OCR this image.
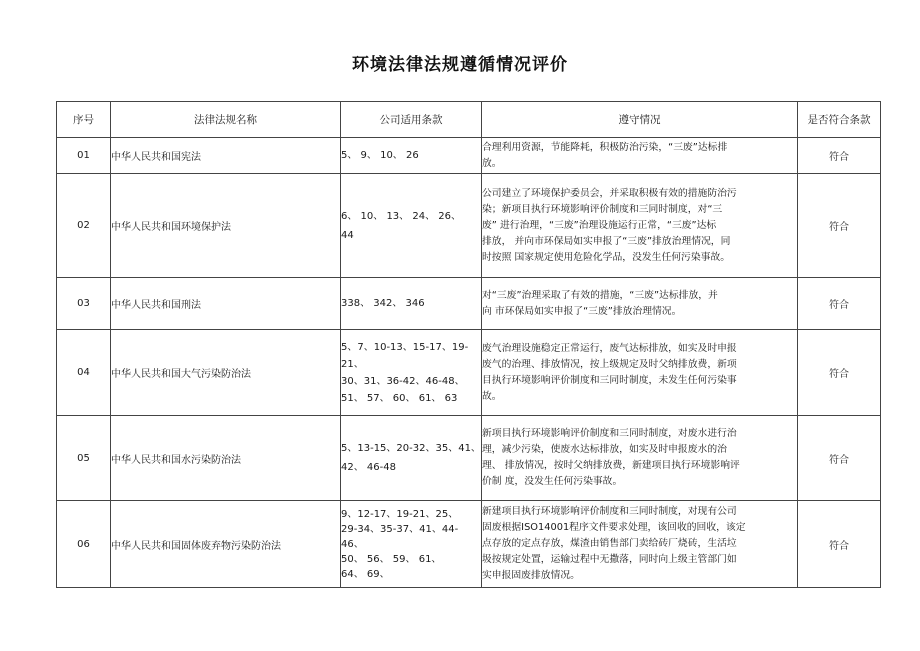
环境法律法规遵循情况评价
序号	法律法规名称	公司适用条款	遵守情况	是否符合条款
01	中华人民共和国宪法	5、 9、 10、 26	合理利用资源，节能降耗，积极防治污染，“三废”达标排
放。	符合
02	中华人民共和国环境保护法	6、 10、 13、 24、 26、
44	公司建立了环境保护委员会，并采取积极有效的措施防治污
染；新项目执行环境影响评价制度和三同时制度，对“三
废” 进行治理，“三废”治理设施运行正常，“三废”达标
排放， 并向市环保局如实申报了“三废”排放治理情况，同
时按照 国家规定使用危险化学品，没发生任何污染事故。	符合
03	中华人民共和国刑法	338、 342、 346	对“三废”治理采取了有效的措施，“三废”达标排放，并
向 市环保局如实申报了“三废”排放治理情况。	符合
04	中华人民共和国大气污染防治法	5、7、10-13、15-17、19-
21、
30、31、36-42、46-48、
51、 57、 60、 61、 63	废气治理设施稳定正常运行，废气达标排放，如实及时申报
废气的治理、排放情况，按上级规定及时父纳排放费，新项
目执行环境影响评价制度和三同时制度，未发生任何污染事
故。	符合
05	中华人民共和国水污染防治法	5、13-15、20-32、35、41、
42、 46-48	新项目执行环境影响评价制度和三同时制度，对废水进行治
理，减少污染，使废水达标排放，如实及时申报废水的治
理、 排放情况，按时父纳排放费，新建项目执行环境影响评
价制 度，没发生任何污染事故。	符合
06	中华人民共和国固体废弃物污染防治法	9、12-17、19-21、25、
29-34、35-37、41、44-
46、
50、 56、 59、 61、
64、 69、	新建项目执行环境影响评价制度和三同时制度，对现有公司
固废根据ISO14001程序文件要求处理，该回收的回收，该定
点存放的定点存放，煤渣由销售部门卖给砖厂烧砖，生活垃
圾按规定处置，运输过程中无撒落，同时向上级主管部门如
实申报固废排放情况。	符合
